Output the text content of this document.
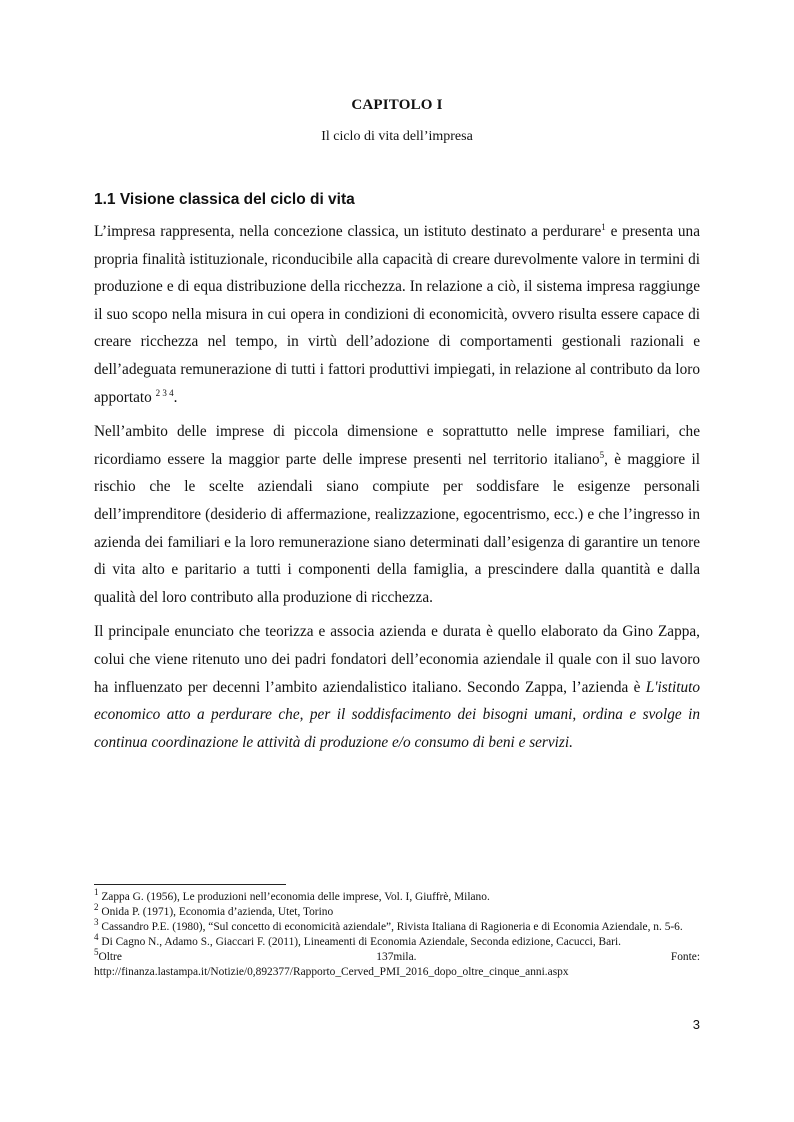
CAPITOLO I
Il ciclo di vita dell’impresa
1.1 Visione classica del ciclo di vita

L’impresa rappresenta, nella concezione classica, un istituto destinato a perdurare$^1$ e presenta una propria finalità istituzionale, riconducibile alla capacità di creare durevolmente valore in termini di produzione e di equa distribuzione della ricchezza. In relazione a ciò, il sistema impresa raggiunge il suo scopo nella misura in cui opera in condizioni di economicità, ovvero risulta essere capace di creare ricchezza nel tempo, in virtù dell’adozione di comportamenti gestionali razionali e dell’adeguata remunerazione di tutti i fattori produttivi impiegati, in relazione al contributo da loro apportato $^{2 3 4}$.

Nell’ambito delle imprese di piccola dimensione e soprattutto nelle imprese familiari, che ricordiamo essere la maggior parte delle imprese presenti nel territorio italiano$^5$, è maggiore il rischio che le scelte aziendali siano compiute per soddisfare le esigenze personali dell’imprenditore (desiderio di affermazione, realizzazione, egocentrismo, ecc.) e che l’ingresso in azienda dei familiari e la loro remunerazione siano determinati dall’esigenza di garantire un tenore di vita alto e paritario a tutti i componenti della famiglia, a prescindere dalla quantità e dalla qualità del loro contributo alla produzione di ricchezza.

Il principale enunciato che teorizza e associa azienda e durata è quello elaborato da Gino Zappa, colui che viene ritenuto uno dei padri fondatori dell’economia aziendale il quale con il suo lavoro ha influenzato per decenni l’ambito aziendalistico italiano. Secondo Zappa, l’azienda è L'istituto economico atto a perdurare che, per il soddisfacimento dei bisogni umani, ordina e svolge in continua coordinazione le attività di produzione e/o consumo di beni e servizi.

$^1$ Zappa G. (1956), Le produzioni nell’economia delle imprese, Vol. I, Giuffrè, Milano.

$^2$ Onida P. (1971), Economia d’azienda, Utet, Torino

$^3$ Cassandro P.E. (1980), “Sul concetto di economicità aziendale”, Rivista Italiana di Ragioneria e di Economia Aziendale, n. 5-6.

$^4$ Di Cagno N., Adamo S., Giaccari F. (2011), Lineamenti di Economia Aziendale, Seconda edizione, Cacucci, Bari.

$^5$Oltre	137mila.	Fonte:

http://finanza.lastampa.it/Notizie/0,892377/Rapporto_Cerved_PMI_2016_dopo_oltre_cinque_anni.aspx

3
